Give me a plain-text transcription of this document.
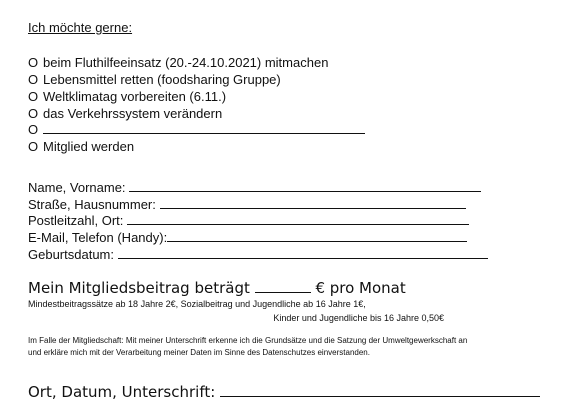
Ich möchte gerne:
O beim Fluthilfeeinsatz (20.-24.10.2021) mitmachen
O Lebensmittel retten (foodsharing Gruppe)
O Weltklimatag vorbereiten (6.11.)
O das Verkehrssystem verändern
O
O Mitglied werden
Name, Vorname:
Straße, Hausnummer:
Postleitzahl, Ort:
E-Mail, Telefon (Handy):
Geburtsdatum:
Mein Mitgliedsbeitrag beträgt	€ pro Monat
Mindestbeitragssätze ab 18 Jahre 2€, Sozialbeitrag und Jugendliche ab 16 Jahre 1€,
Kinder und Jugendliche bis 16 Jahre 0,50€
Im Falle der Mitgliedschaft: Mit meiner Unterschrift erkenne ich die Grundsätze und die Satzung der Umweltgewerkschaft an und erkläre mich mit der Verarbeitung meiner Daten im Sinne des Datenschutzes einverstanden.
Ort, Datum, Unterschrift:
